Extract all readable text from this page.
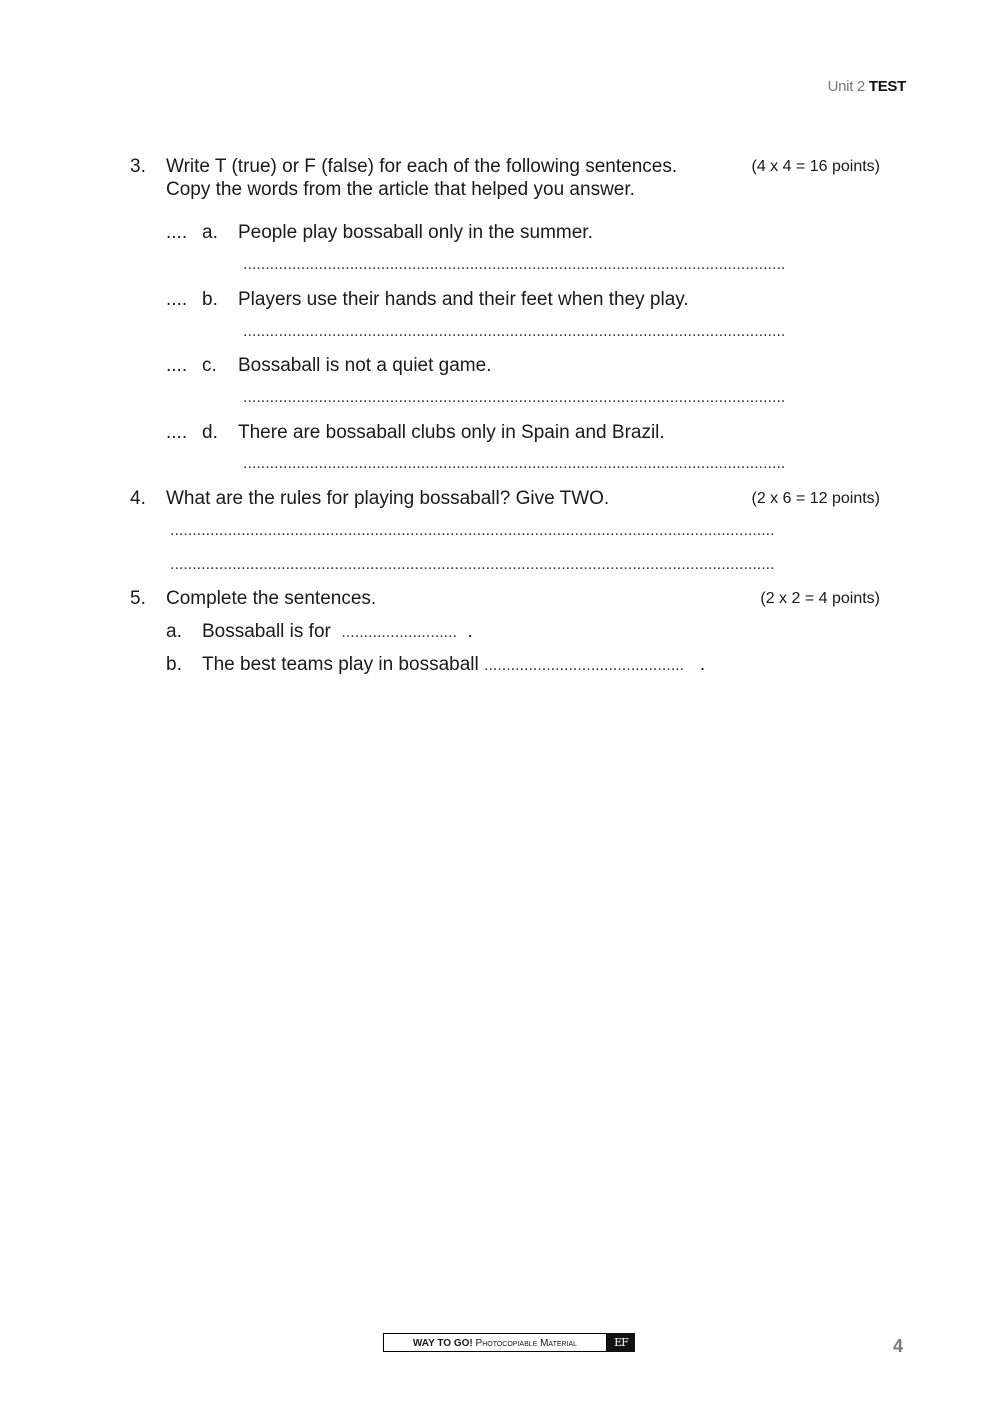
Unit 2 TEST
3. Write T (true) or F (false) for each of the following sentences.	(4 x 4 = 16 points)
Copy the words from the article that helped you answer.
.... a. People play bossaball only in the summer.
..........................................................................................................................
.... b. Players use their hands and their feet when they play.
..........................................................................................................................
.... c. Bossaball is not a quiet game.
..........................................................................................................................
.... d. There are bossaball clubs only in Spain and Brazil.
..........................................................................................................................
4. What are the rules for playing bossaball? Give TWO.	(2 x 6 = 12 points)
........................................................................................................................................
........................................................................................................................................
5. Complete the sentences.	(2 x 2 = 4 points)
a. Bossaball is for .......................... .
b. The best teams play in bossaball ............................................. .
WAY TO GO! Photocopiable Material	EF	4
